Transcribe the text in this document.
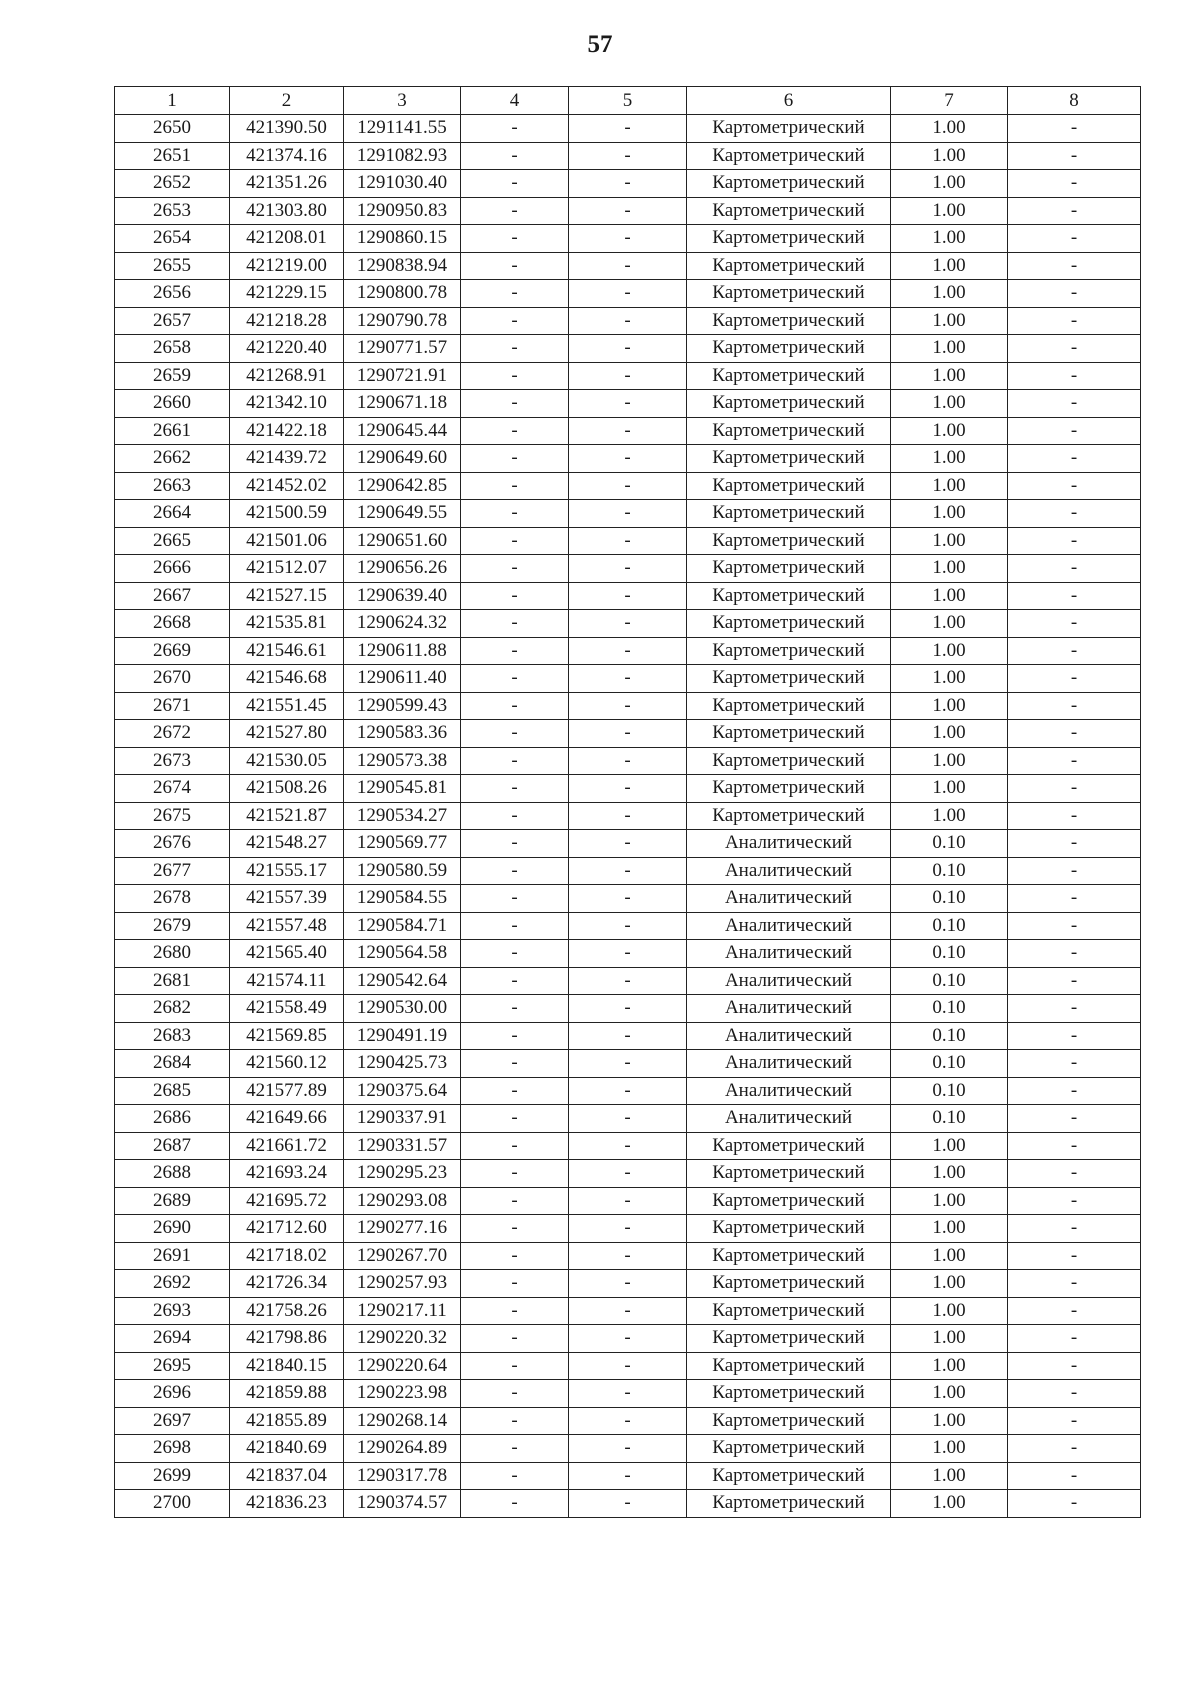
57
1	2	3	4	5	6	7	8
2650	421390.50	1291141.55	-	-	Картометрический	1.00	-
2651	421374.16	1291082.93	-	-	Картометрический	1.00	-
2652	421351.26	1291030.40	-	-	Картометрический	1.00	-
2653	421303.80	1290950.83	-	-	Картометрический	1.00	-
2654	421208.01	1290860.15	-	-	Картометрический	1.00	-
2655	421219.00	1290838.94	-	-	Картометрический	1.00	-
2656	421229.15	1290800.78	-	-	Картометрический	1.00	-
2657	421218.28	1290790.78	-	-	Картометрический	1.00	-
2658	421220.40	1290771.57	-	-	Картометрический	1.00	-
2659	421268.91	1290721.91	-	-	Картометрический	1.00	-
2660	421342.10	1290671.18	-	-	Картометрический	1.00	-
2661	421422.18	1290645.44	-	-	Картометрический	1.00	-
2662	421439.72	1290649.60	-	-	Картометрический	1.00	-
2663	421452.02	1290642.85	-	-	Картометрический	1.00	-
2664	421500.59	1290649.55	-	-	Картометрический	1.00	-
2665	421501.06	1290651.60	-	-	Картометрический	1.00	-
2666	421512.07	1290656.26	-	-	Картометрический	1.00	-
2667	421527.15	1290639.40	-	-	Картометрический	1.00	-
2668	421535.81	1290624.32	-	-	Картометрический	1.00	-
2669	421546.61	1290611.88	-	-	Картометрический	1.00	-
2670	421546.68	1290611.40	-	-	Картометрический	1.00	-
2671	421551.45	1290599.43	-	-	Картометрический	1.00	-
2672	421527.80	1290583.36	-	-	Картометрический	1.00	-
2673	421530.05	1290573.38	-	-	Картометрический	1.00	-
2674	421508.26	1290545.81	-	-	Картометрический	1.00	-
2675	421521.87	1290534.27	-	-	Картометрический	1.00	-
2676	421548.27	1290569.77	-	-	Аналитический	0.10	-
2677	421555.17	1290580.59	-	-	Аналитический	0.10	-
2678	421557.39	1290584.55	-	-	Аналитический	0.10	-
2679	421557.48	1290584.71	-	-	Аналитический	0.10	-
2680	421565.40	1290564.58	-	-	Аналитический	0.10	-
2681	421574.11	1290542.64	-	-	Аналитический	0.10	-
2682	421558.49	1290530.00	-	-	Аналитический	0.10	-
2683	421569.85	1290491.19	-	-	Аналитический	0.10	-
2684	421560.12	1290425.73	-	-	Аналитический	0.10	-
2685	421577.89	1290375.64	-	-	Аналитический	0.10	-
2686	421649.66	1290337.91	-	-	Аналитический	0.10	-
2687	421661.72	1290331.57	-	-	Картометрический	1.00	-
2688	421693.24	1290295.23	-	-	Картометрический	1.00	-
2689	421695.72	1290293.08	-	-	Картометрический	1.00	-
2690	421712.60	1290277.16	-	-	Картометрический	1.00	-
2691	421718.02	1290267.70	-	-	Картометрический	1.00	-
2692	421726.34	1290257.93	-	-	Картометрический	1.00	-
2693	421758.26	1290217.11	-	-	Картометрический	1.00	-
2694	421798.86	1290220.32	-	-	Картометрический	1.00	-
2695	421840.15	1290220.64	-	-	Картометрический	1.00	-
2696	421859.88	1290223.98	-	-	Картометрический	1.00	-
2697	421855.89	1290268.14	-	-	Картометрический	1.00	-
2698	421840.69	1290264.89	-	-	Картометрический	1.00	-
2699	421837.04	1290317.78	-	-	Картометрический	1.00	-
2700	421836.23	1290374.57	-	-	Картометрический	1.00	-
